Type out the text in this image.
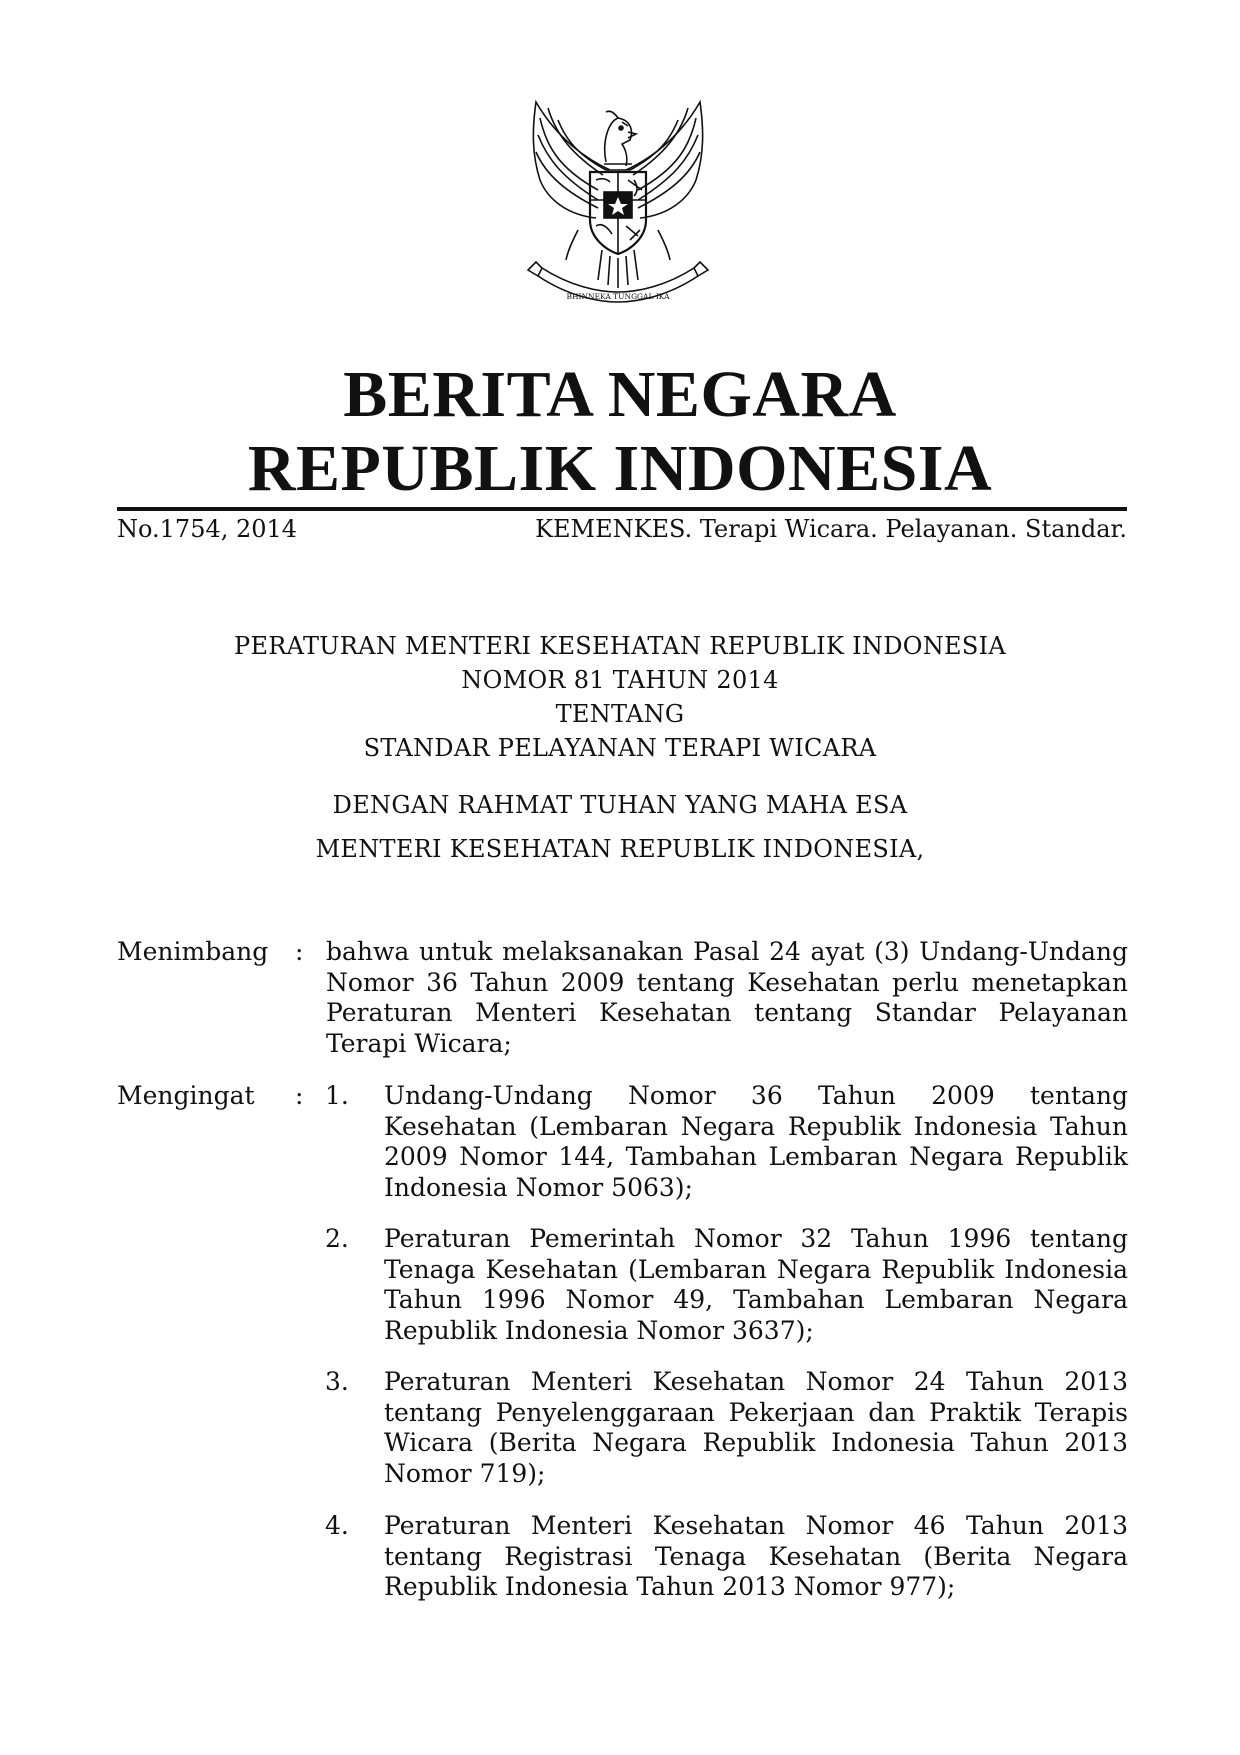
BHINNEKA TUNGGAL IKA
BERITA NEGARA
REPUBLIK INDONESIA
No.1754, 2014	KEMENKES. Terapi Wicara. Pelayanan. Standar.
PERATURAN MENTERI KESEHATAN REPUBLIK INDONESIA
NOMOR 81 TAHUN 2014
TENTANG
STANDAR PELAYANAN TERAPI WICARA
DENGAN RAHMAT TUHAN YANG MAHA ESA
MENTERI KESEHATAN REPUBLIK INDONESIA,
Menimbang : bahwa untuk melaksanakan Pasal 24 ayat (3) Undang-Undang Nomor 36 Tahun 2009 tentang Kesehatan perlu menetapkan Peraturan Menteri Kesehatan tentang Standar Pelayanan Terapi Wicara;
Mengingat : 1. Undang-Undang Nomor 36 Tahun 2009 tentang Kesehatan (Lembaran Negara Republik Indonesia Tahun 2009 Nomor 144, Tambahan Lembaran Negara Republik Indonesia Nomor 5063);
2. Peraturan Pemerintah Nomor 32 Tahun 1996 tentang Tenaga Kesehatan (Lembaran Negara Republik Indonesia Tahun 1996 Nomor 49, Tambahan Lembaran Negara Republik Indonesia Nomor 3637);
3. Peraturan Menteri Kesehatan Nomor 24 Tahun 2013 tentang Penyelenggaraan Pekerjaan dan Praktik Terapis Wicara (Berita Negara Republik Indonesia Tahun 2013 Nomor 719);
4. Peraturan Menteri Kesehatan Nomor 46 Tahun 2013 tentang Registrasi Tenaga Kesehatan (Berita Negara Republik Indonesia Tahun 2013 Nomor 977);
